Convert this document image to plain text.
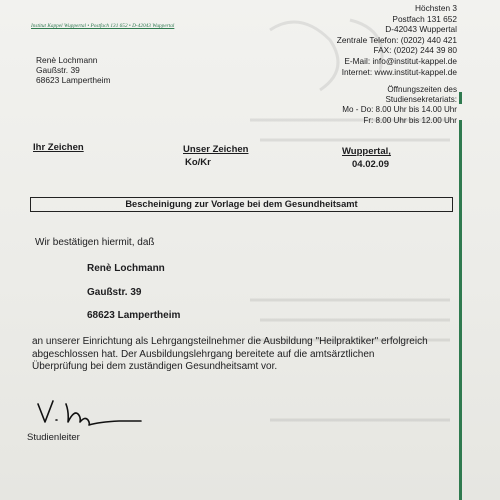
Institut Kappel Wuppertal • Postfach 131 652 • D-42043 Wuppertal
Höchsten 3
Postfach 131 652
D-42043 Wuppertal
Zentrale Telefon: (0202) 440 421
FAX: (0202) 244 39 80
E-Mail: info@institut-kappel.de
Internet: www.institut-kappel.de
Öffnungszeiten des
Studiensekretariats:
Mo - Do: 8.00 Uhr bis 14.00 Uhr
Fr: 8.00 Uhr bis 12.00 Uhr
Renè Lochmann
Gaußstr. 39
68623 Lampertheim
Ihr Zeichen	Unser Zeichen
Ko/Kr
Wuppertal,
04.02.09
Bescheinigung zur Vorlage bei dem Gesundheitsamt
Wir bestätigen hiermit, daß
Renè Lochmann
Gaußstr. 39
68623 Lampertheim
an unserer Einrichtung als Lehrgangsteilnehmer die Ausbildung "Heilpraktiker" erfolgreich
abgeschlossen hat. Der Ausbildungslehrgang bereitete auf die amtsärztlichen
Überprüfung bei dem zuständigen Gesundheitsamt vor.
Studienleiter
